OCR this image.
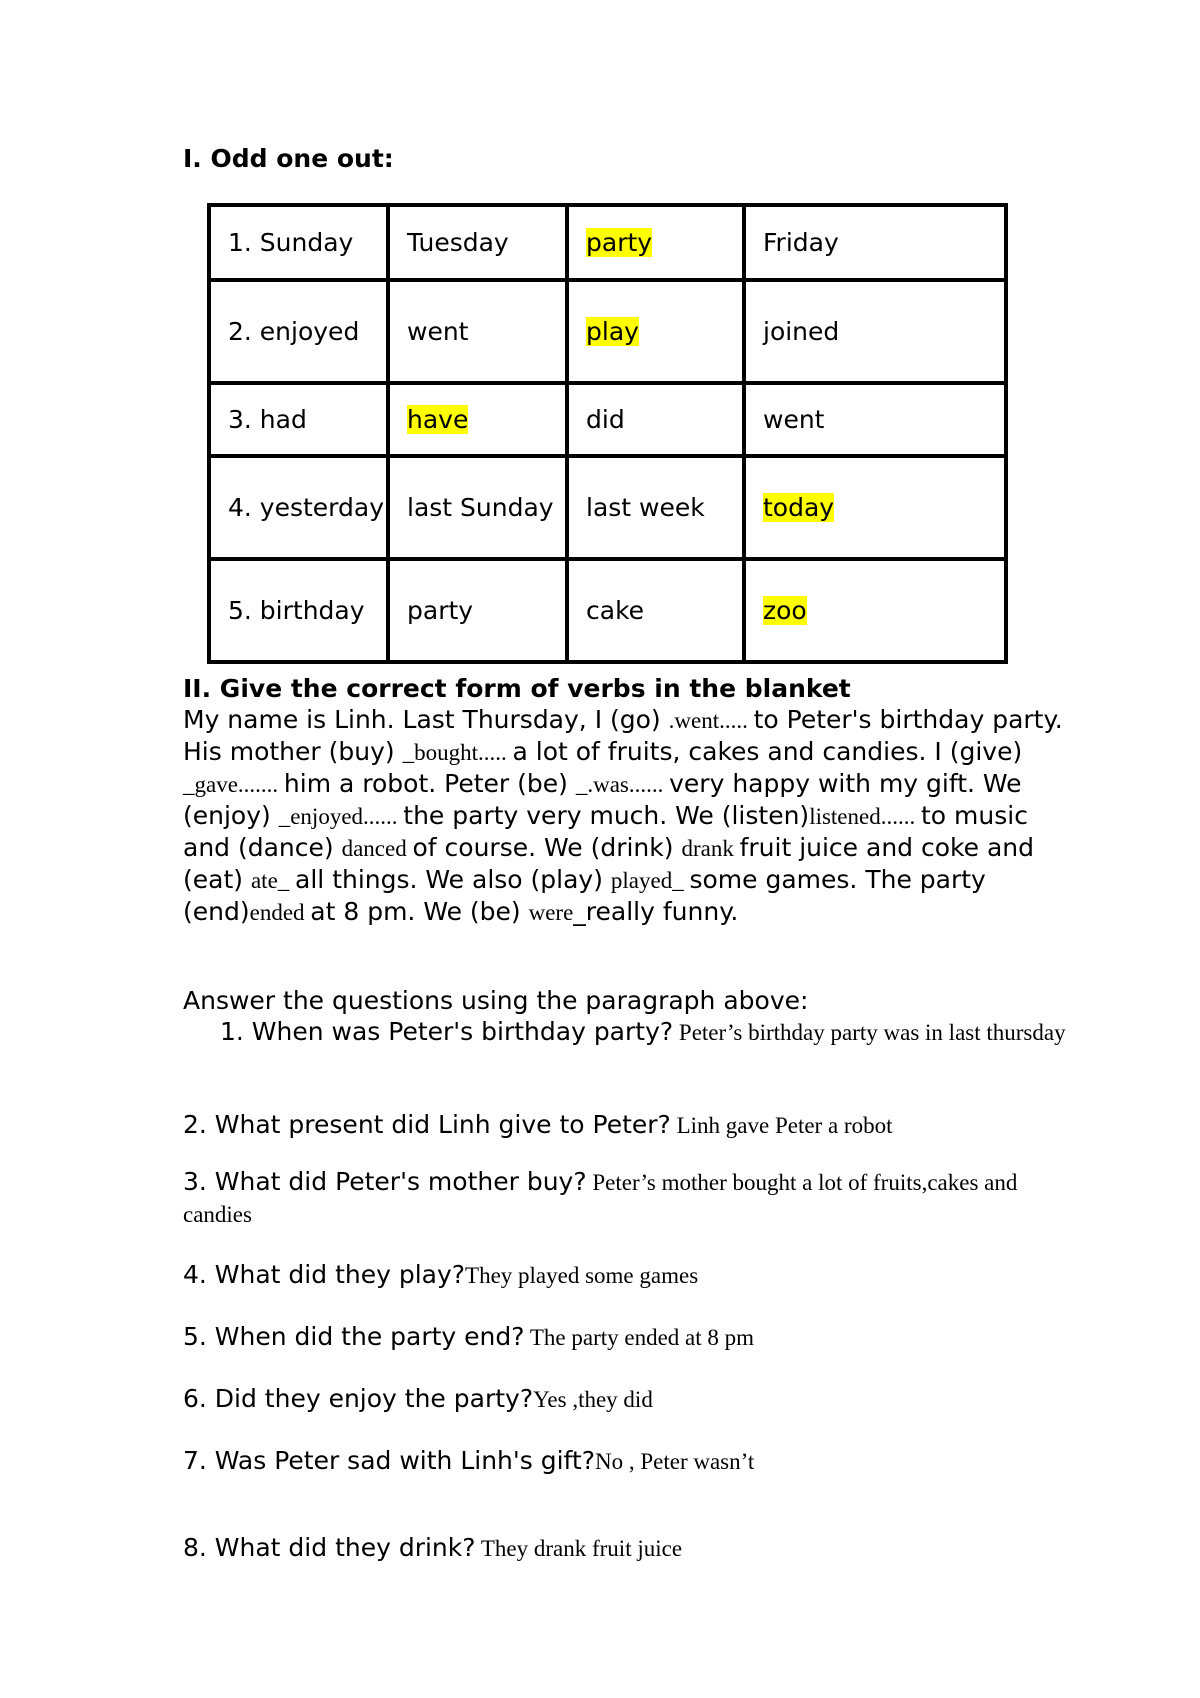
I. Odd one out:
1. Sunday	Tuesday	party	Friday
2. enjoyed	went	play	joined
3. had	have	did	went
4. yesterday	last Sunday	last week	today
5. birthday	party	cake	zoo
II. Give the correct form of verbs in the blanket

My name is Linh. Last Thursday, I (go) .went..... to Peter's birthday party. His mother (buy) _bought..... a lot of fruits, cakes and candies. I (give) _gave....... him a robot. Peter (be) _.was...... very happy with my gift. We (enjoy) _enjoyed...... the party very much. We (listen)listened...... to music and (dance) danced of course. We (drink) drank fruit juice and coke and (eat) ate_ all things. We also (play) played_ some games. The party (end)ended at 8 pm. We (be) were_really funny.

Answer the questions using the paragraph above:
1. When was Peter's birthday party? Peter’s birthday party was in last thursday
2. What present did Linh give to Peter? Linh gave Peter a robot
3. What did Peter's mother buy? Peter’s mother bought a lot of fruits,cakes and candies
4. What did they play?They played some games
5. When did the party end? The party ended at 8 pm
6. Did they enjoy the party?Yes ,they did
7. Was Peter sad with Linh's gift?No , Peter wasn’t
8. What did they drink? They drank fruit juice
